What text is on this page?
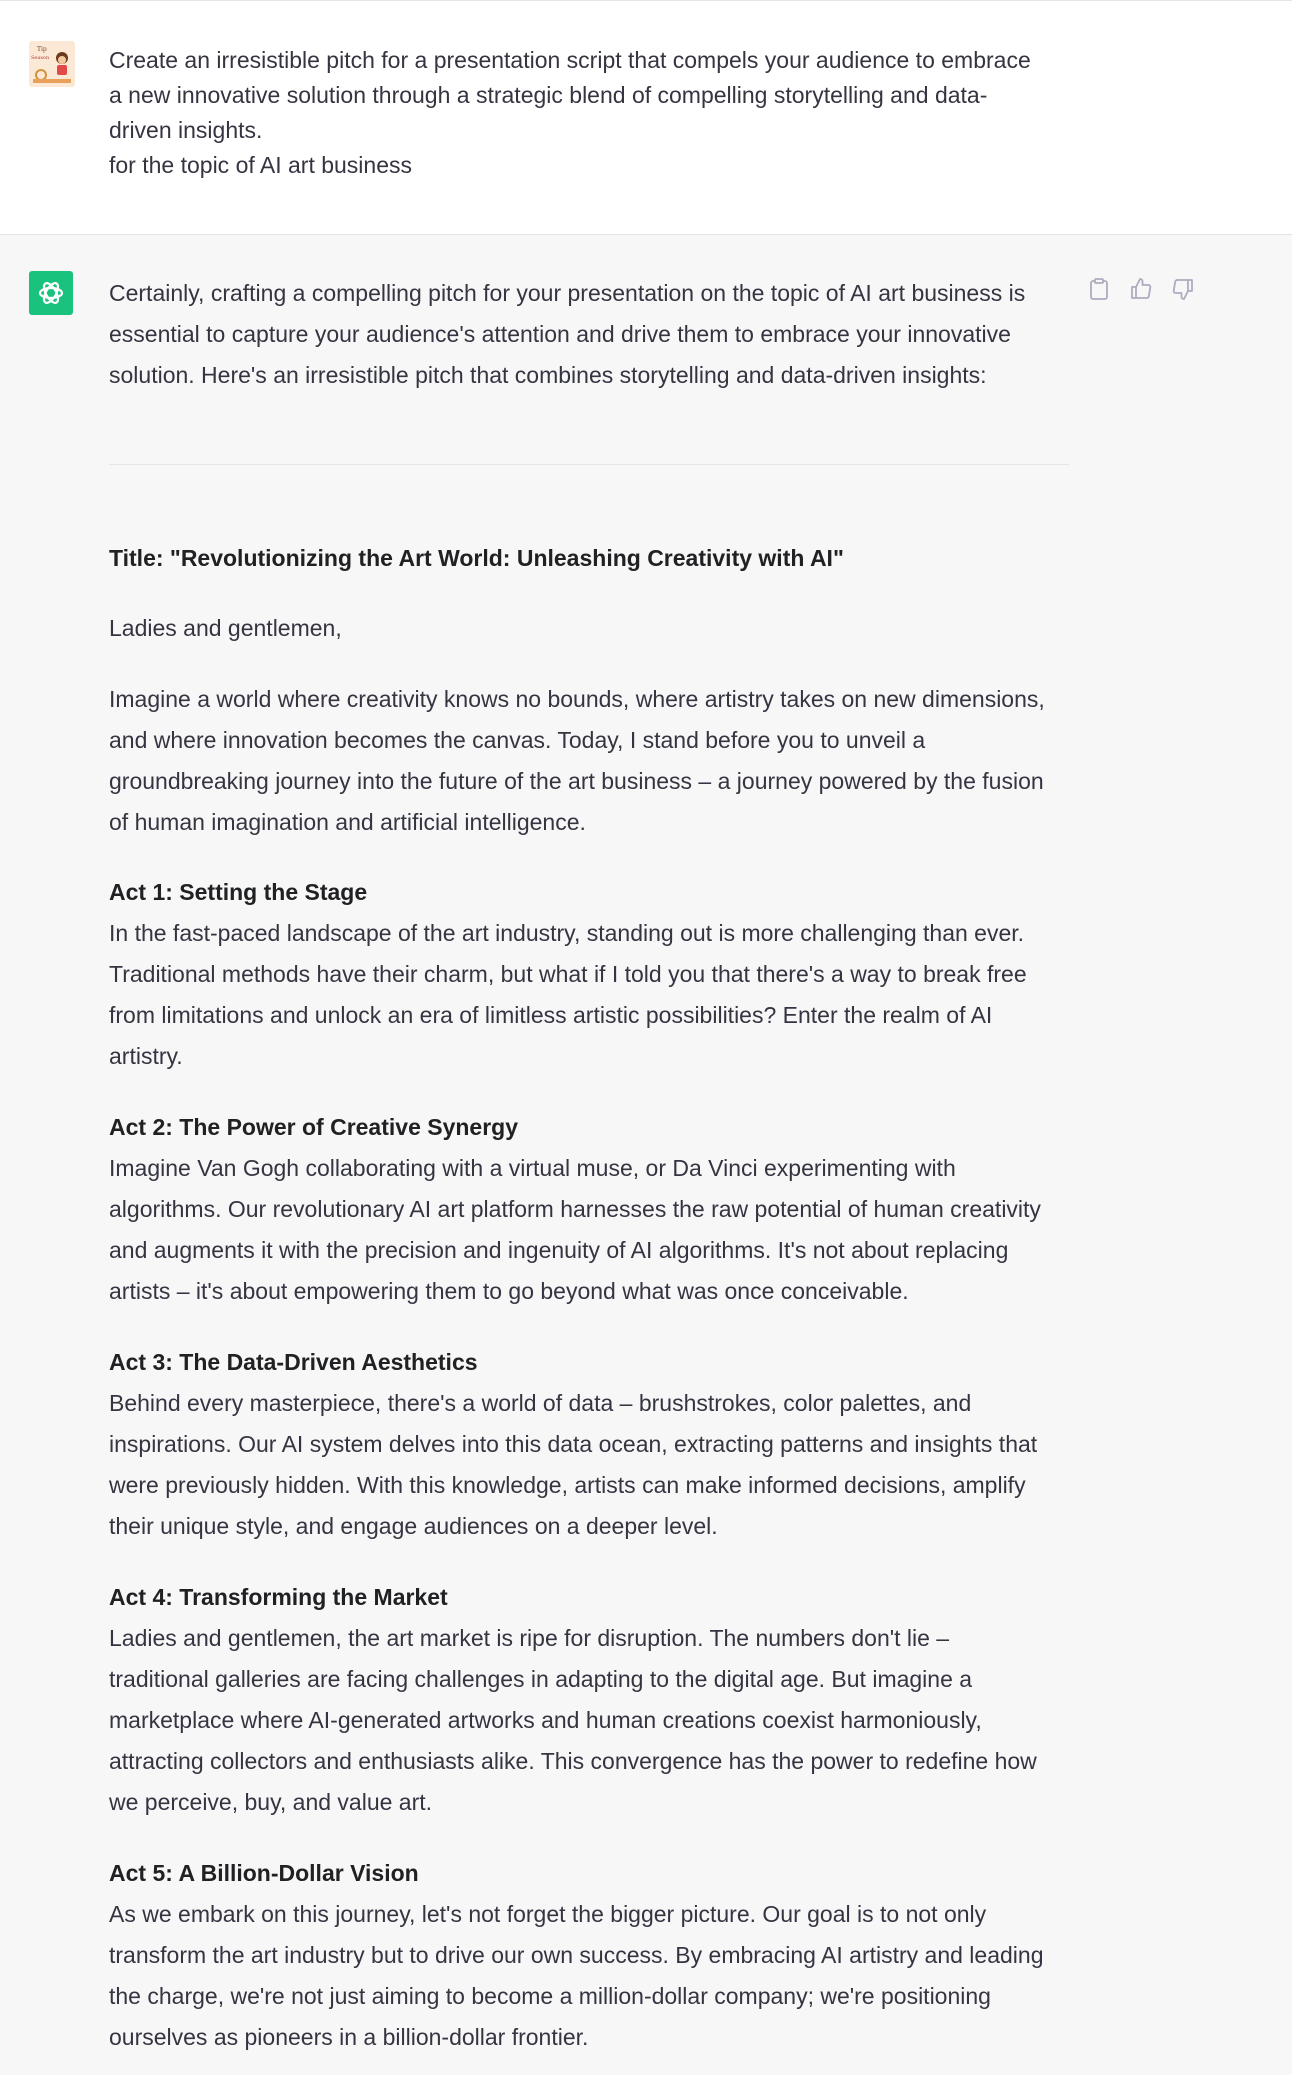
Tip
Season	Create an irresistible pitch for a presentation script that compels your audience to embrace

a new innovative solution through a strategic blend of compelling storytelling and data-

driven insights.

for the topic of AI art business

Certainly, crafting a compelling pitch for your presentation on the topic of AI art business is

essential to capture your audience's attention and drive them to embrace your innovative

solution. Here's an irresistible pitch that combines storytelling and data-driven insights:

Title: "Revolutionizing the Art World: Unleashing Creativity with AI"

Ladies and gentlemen,

Imagine a world where creativity knows no bounds, where artistry takes on new dimensions,

and where innovation becomes the canvas. Today, I stand before you to unveil a

groundbreaking journey into the future of the art business – a journey powered by the fusion

of human imagination and artificial intelligence.

Act 1: Setting the Stage

In the fast-paced landscape of the art industry, standing out is more challenging than ever.

Traditional methods have their charm, but what if I told you that there's a way to break free

from limitations and unlock an era of limitless artistic possibilities? Enter the realm of AI

artistry.

Act 2: The Power of Creative Synergy

Imagine Van Gogh collaborating with a virtual muse, or Da Vinci experimenting with

algorithms. Our revolutionary AI art platform harnesses the raw potential of human creativity

and augments it with the precision and ingenuity of AI algorithms. It's not about replacing

artists – it's about empowering them to go beyond what was once conceivable.

Act 3: The Data-Driven Aesthetics

Behind every masterpiece, there's a world of data – brushstrokes, color palettes, and

inspirations. Our AI system delves into this data ocean, extracting patterns and insights that

were previously hidden. With this knowledge, artists can make informed decisions, amplify

their unique style, and engage audiences on a deeper level.

Act 4: Transforming the Market

Ladies and gentlemen, the art market is ripe for disruption. The numbers don't lie –

traditional galleries are facing challenges in adapting to the digital age. But imagine a

marketplace where AI-generated artworks and human creations coexist harmoniously,

attracting collectors and enthusiasts alike. This convergence has the power to redefine how

we perceive, buy, and value art.

Act 5: A Billion-Dollar Vision

As we embark on this journey, let's not forget the bigger picture. Our goal is to not only

transform the art industry but to drive our own success. By embracing AI artistry and leading

the charge, we're not just aiming to become a million-dollar company; we're positioning

ourselves as pioneers in a billion-dollar frontier.
